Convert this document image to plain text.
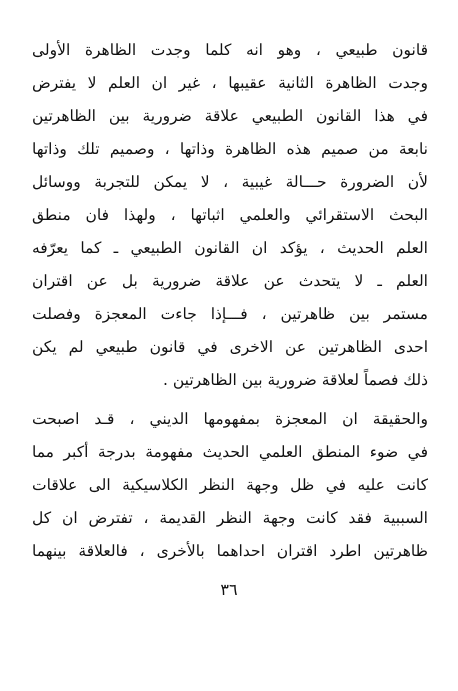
قانون طبيعي ، وهو انه كلما وجدت الظاهرة الأولى
وجدت الظاهرة الثانية عقيبها ، غير ان العلم لا يفترض
في هذا القانون الطبيعي علاقة ضرورية بين الظاهرتين
نابعة من صميم هذه الظاهرة وذاتها ، وصميم تلك وذاتها
لأن الضرورة حـــالة غيبية ، لا يمكن للتجربة ووسائل
البحث الاستقرائي والعلمي اثباتها ، ولهذا فان منطق
العلم الحديث ، يؤكد ان القانون الطبيعي ـ كما يعرّفه
العلم ـ لا يتحدث عن علاقة ضرورية بل عن اقتران
مستمر بين ظاهرتين ، فـــإذا جاءت المعجزة وفصلت
احدى الظاهرتين عن الاخرى في قانون طبيعي لم يكن
ذلك فصماً لعلاقة ضرورية بين الظاهرتين .
والحقيقة ان المعجزة بمفهومها الديني ، قـد اصبحت
في ضوء المنطق العلمي الحديث مفهومة بدرجة أكبر مما
كانت عليه في ظل وجهة النظر الكلاسيكية الى علاقات
السببية فقد كانت وجهة النظر القديمة ، تفترض ان كل
ظاهرتين اطرد اقتران احداهما بالأخرى ، فالعلاقة بينهما
٣٦
